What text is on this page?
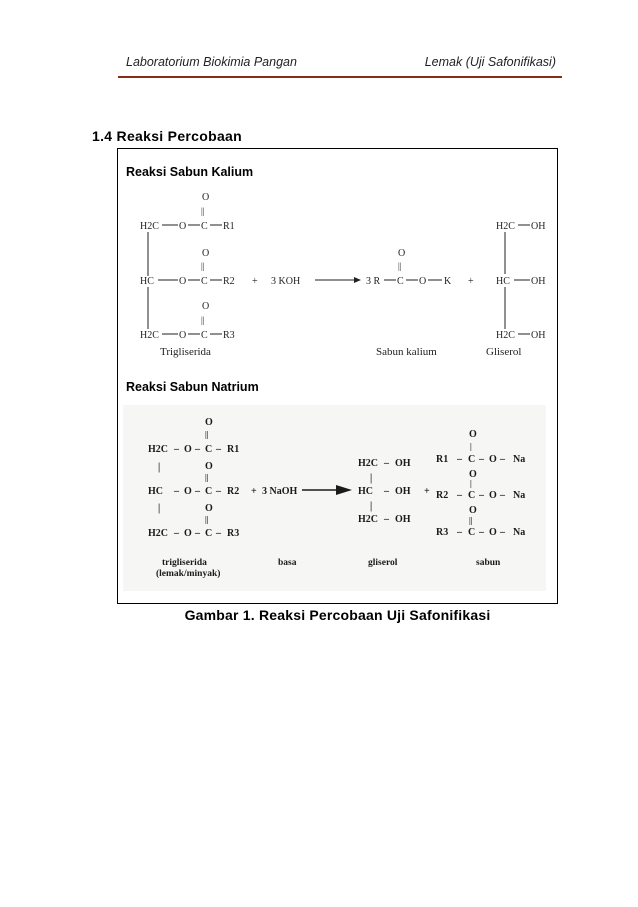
Laboratorium Biokimia Pangan	Lemak (Uji Safonifikasi)
1.4 Reaksi Percobaan
Reaksi Sabun Kalium
O
||
H2C O C R1
O
||
HC	O C R2
O
||
H2C O C R3
+ 3 KOH
O
||
3 R C O K +
H2C OH
HC OH
H2C OH
Trigliserida	Sabun kalium	Gliserol
Reaksi Sabun Natrium
O
||
H2C – O – C – R1
|	O
||
HC – O – C – R2
|	O
||
H2C – O – C – R3
+ 3 NaOH
H2C – OH
|
HC – OH
|
H2C – OH
+
O
|
R1 – C – O – Na
O
|
R2 – C – O – Na
O
||
R3 – C – O – Na
trigliserida
(lemak/minyak)
basa	gliserol	sabun
Gambar 1. Reaksi Percobaan Uji Safonifikasi
